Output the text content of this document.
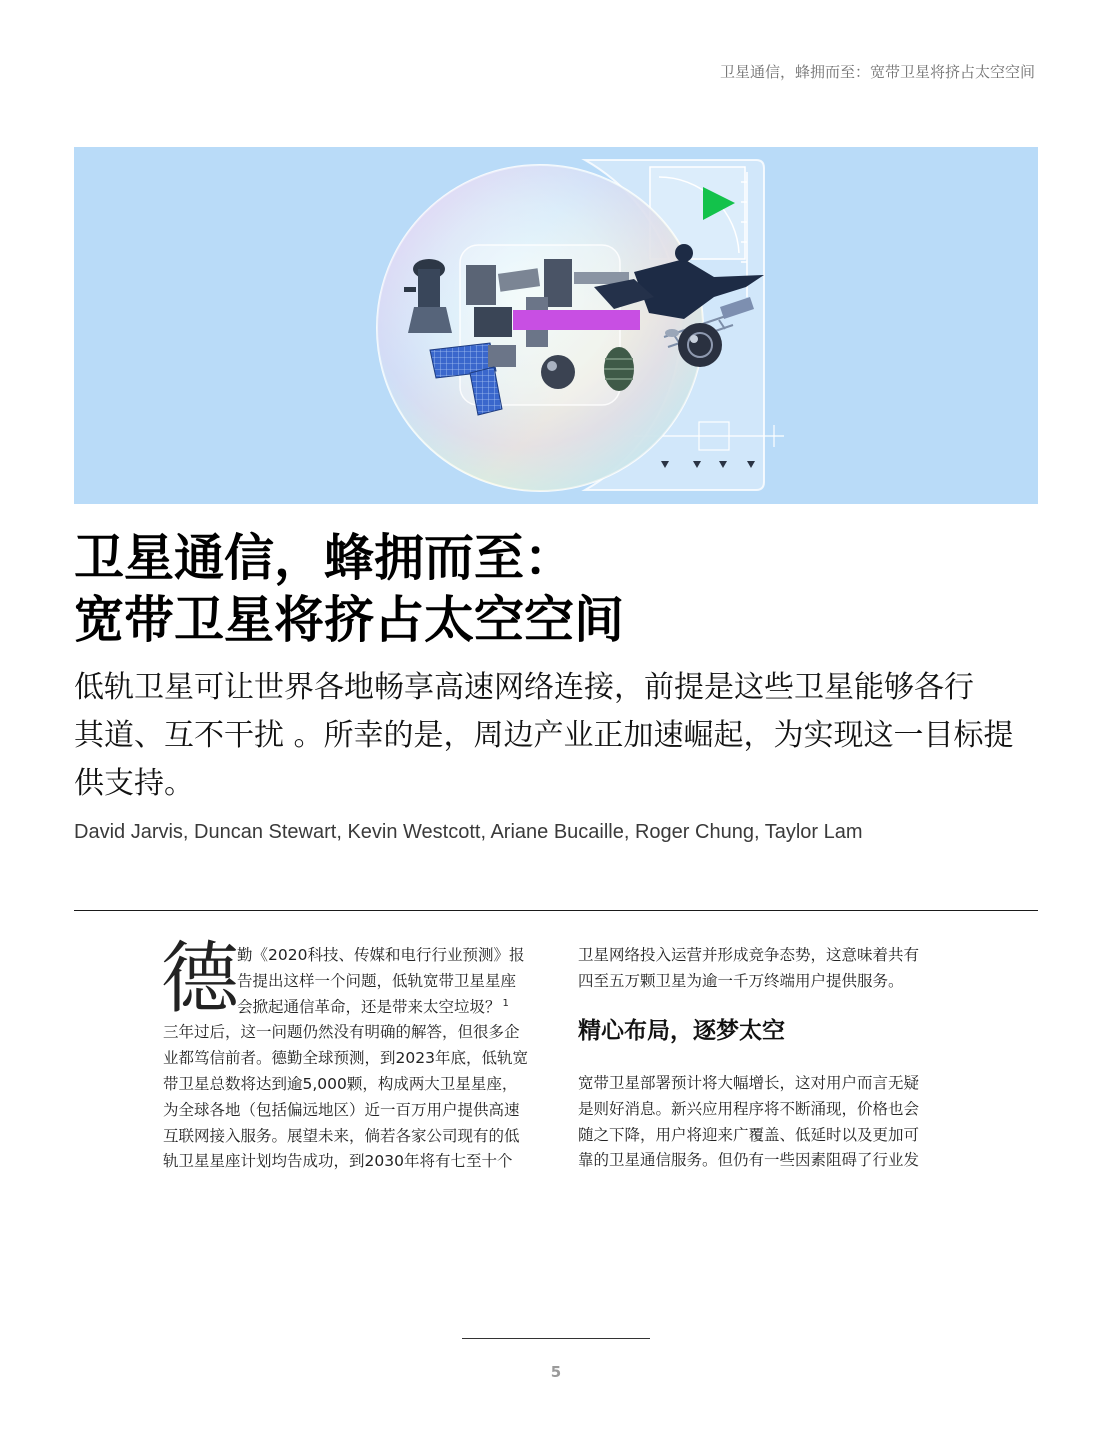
卫星通信，蜂拥而至：宽带卫星将挤占太空空间
卫星通信，蜂拥而至：
宽带卫星将挤占太空空间
低轨卫星可让世界各地畅享高速网络连接，前提是这些卫星能够各行
其道、互不干扰 。所幸的是，周边产业正加速崛起，为实现这一目标提
供支持。
David Jarvis, Duncan Stewart, Kevin Westcott, Ariane Bucaille, Roger Chung, Taylor Lam
德
勤《2020科技、传媒和电行行业预测》报
告提出这样一个问题，低轨宽带卫星星座
会掀起通信革命，还是带来太空垃圾？ $^1$
三年过后，这一问题仍然没有明确的解答，但很多企
业都笃信前者。德勤全球预测，到2023年底，低轨宽
带卫星总数将达到逾5,000颗，构成两大卫星星座，
为全球各地（包括偏远地区）近一百万用户提供高速
互联网接入服务。展望未来，倘若各家公司现有的低
轨卫星星座计划均告成功，到2030年将有七至十个
卫星网络投入运营并形成竞争态势，这意味着共有
四至五万颗卫星为逾一千万终端用户提供服务。
精心布局，逐梦太空
宽带卫星部署预计将大幅增长，这对用户而言无疑
是则好消息。新兴应用程序将不断涌现，价格也会
随之下降，用户将迎来广覆盖、低延时以及更加可
靠的卫星通信服务。但仍有一些因素阻碍了行业发
5
